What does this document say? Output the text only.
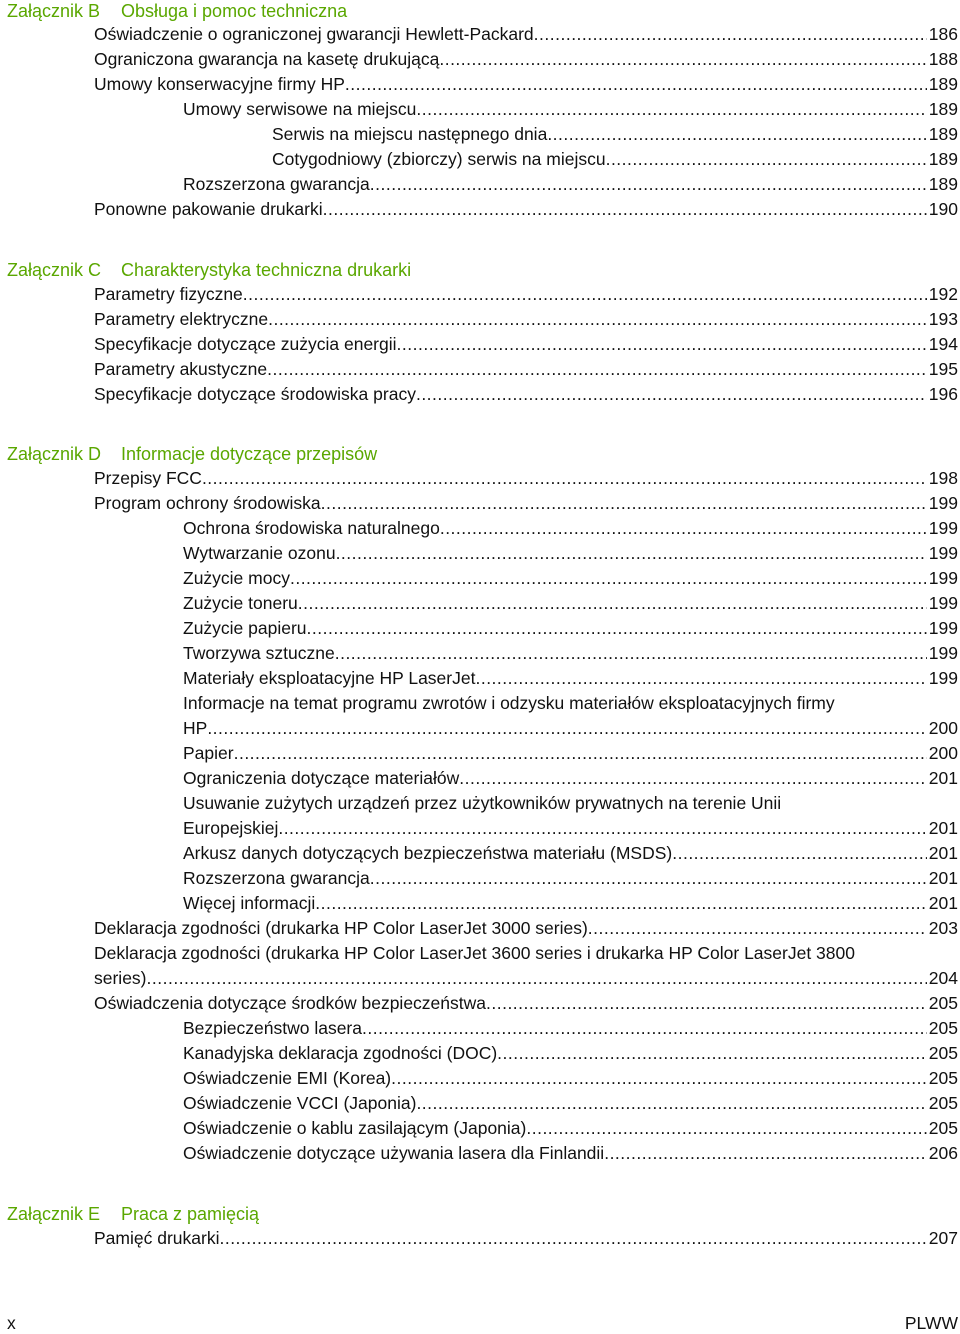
Załącznik B Obsługa i pomoc techniczna
Oświadczenie o ograniczonej gwarancji Hewlett-Packard .....	186
Ograniczona gwarancja na kasetę drukującą .....	188
Umowy konserwacyjne firmy HP .....	189
Umowy serwisowe na miejscu .....	189
Serwis na miejscu następnego dnia .....	189
Cotygodniowy (zbiorczy) serwis na miejscu .....	189
Rozszerzona gwarancja .....	189
Ponowne pakowanie drukarki .....	190
Załącznik C Charakterystyka techniczna drukarki
Parametry fizyczne .....	192
Parametry elektryczne .....	193
Specyfikacje dotyczące zużycia energii .....	194
Parametry akustyczne .....	195
Specyfikacje dotyczące środowiska pracy .....	196
Załącznik D Informacje dotyczące przepisów
Przepisy FCC .....	198
Program ochrony środowiska .....	199
Ochrona środowiska naturalnego .....	199
Wytwarzanie ozonu .....	199
Zużycie mocy .....	199
Zużycie toneru .....	199
Zużycie papieru .....	199
Tworzywa sztuczne .....	199
Materiały eksploatacyjne HP LaserJet .....	199
Informacje na temat programu zwrotów i odzysku materiałów eksploatacyjnych firmy
HP .....	200
Papier .....	200
Ograniczenia dotyczące materiałów .....	201
Usuwanie zużytych urządzeń przez użytkowników prywatnych na terenie Unii
Europejskiej .....	201
Arkusz danych dotyczących bezpieczeństwa materiału (MSDS) .....	201
Rozszerzona gwarancja .....	201
Więcej informacji .....	201
Deklaracja zgodności (drukarka HP Color LaserJet 3000 series) .....	203
Deklaracja zgodności (drukarka HP Color LaserJet 3600 series i drukarka HP Color LaserJet 3800
series) .....	204
Oświadczenia dotyczące środków bezpieczeństwa .....	205
Bezpieczeństwo lasera .....	205
Kanadyjska deklaracja zgodności (DOC) .....	205
Oświadczenie EMI (Korea) .....	205
Oświadczenie VCCI (Japonia) .....	205
Oświadczenie o kablu zasilającym (Japonia) .....	205
Oświadczenie dotyczące używania lasera dla Finlandii .....	206
Załącznik E Praca z pamięcią
Pamięć drukarki .....	207
x	PLWW
